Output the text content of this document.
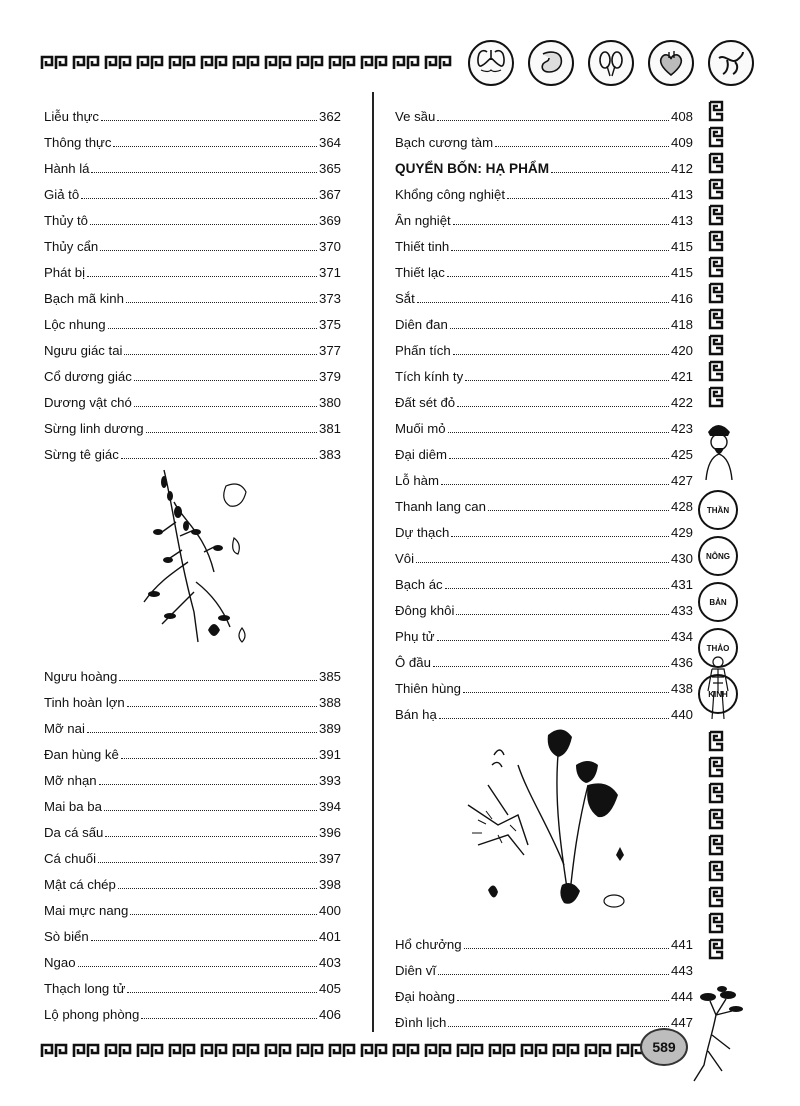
Liễu thực	362
Thông thực	364
Hành lá	365
Giả tô	367
Thủy tô	369
Thủy cẩn	370
Phát bị	371
Bạch mã kinh	373
Lộc nhung	375
Ngưu giác tai	377
Cổ dương giác	379
Dương vật chó	380
Sừng linh dương	381
Sừng tê giác	383
Ngưu hoàng	385
Tinh hoàn lợn	388
Mỡ nai	389
Đan hùng kê	391
Mỡ nhạn	393
Mai ba ba	394
Da cá sấu	396
Cá chuối	397
Mật cá chép	398
Mai mực nang	400
Sò biển	401
Ngao	403
Thạch long tử	405
Lộ phong phòng	406
Ve sầu	408
Bạch cương tàm	409
QUYỂN BỐN: HẠ PHẨM	412
Khổng công nghiệt	413
Ân nghiệt	413
Thiết tinh	415
Thiết lạc	415
Sắt	416
Diên đan	418
Phấn tích	420
Tích kính ty	421
Đất sét đỏ	422
Muối mỏ	423
Đại diêm	425
Lỗ hàm	427
Thanh lang can	428
Dự thạch	429
Vôi	430
Bạch ác	431
Đông khôi	433
Phụ tử	434
Ô đầu	436
Thiên hùng	438
Bán hạ	440
Hổ chưởng	441
Diên vĩ	443
Đại hoàng	444
Đình lịch	447
THẦN
NÔNG
BẢN
THẢO
KINH
589
